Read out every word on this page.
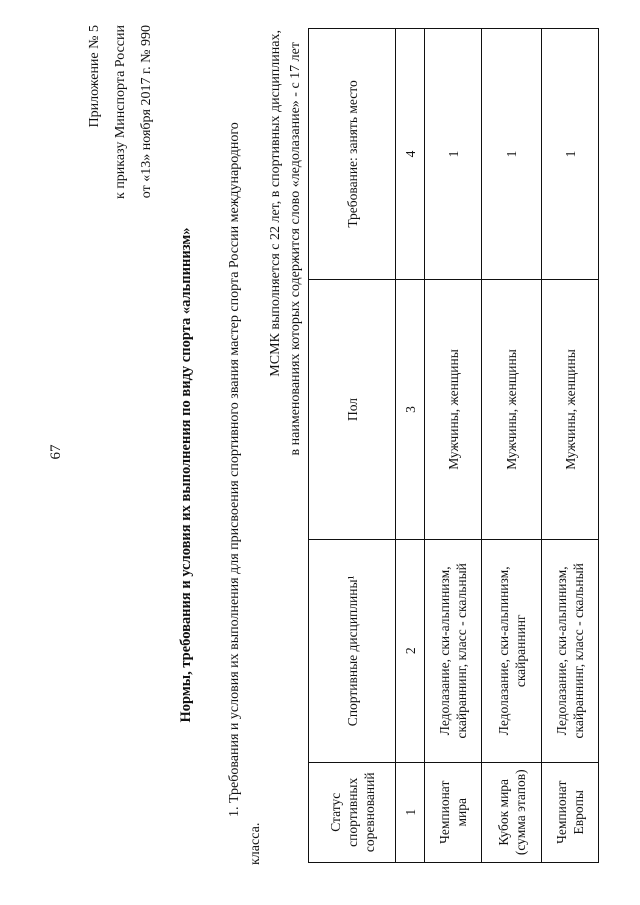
67
Приложение № 5 к приказу Минспорта России от «13» ноября 2017 г. № 990
Нормы, требования и условия их выполнения по виду спорта «альпинизм» 1. Требования и условия их выполнения для присвоения спортивного звания мастер спорта России международного
класса.
МСМК выполняется с 22 лет, в спортивных дисциплинах, в наименованиях которых содержится слово «ледолазание» - с 17 лет
Статус спортивных соревнований	Спортивные дисциплины¹	Пол	Требование: занять место
1	2	3	4
Чемпионат мира	Ледолазание, ски-альпинизм, скайраннинг, класс - скальный	Мужчины, женщины	1
Кубок мира (сумма этапов)	Ледолазание, ски-альпинизм, скайраннинг	Мужчины, женщины	1
Чемпионат Европы	Ледолазание, ски-альпинизм, скайраннинг, класс - скальный	Мужчины, женщины	1
